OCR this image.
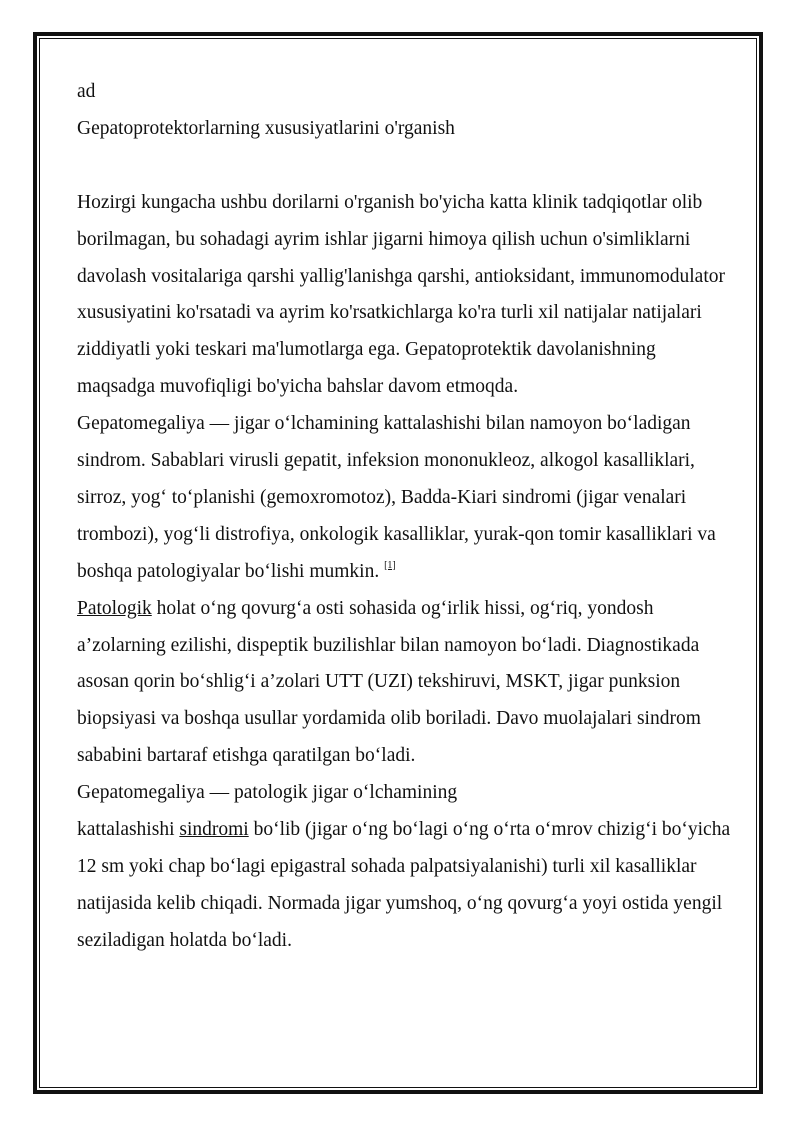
ad

Gepatoprotektorlarning xususiyatlarini o'rganish

Hozirgi kungacha ushbu dorilarni o'rganish bo'yicha katta klinik tadqiqotlar olib borilmagan, bu sohadagi ayrim ishlar jigarni himoya qilish uchun o'simliklarni davolash vositalariga qarshi yallig'lanishga qarshi, antioksidant, immunomodulator xususiyatini ko'rsatadi va ayrim ko'rsatkichlarga ko'ra turli xil natijalar natijalari ziddiyatli yoki teskari ma'lumotlarga ega. Gepatoprotektik davolanishning maqsadga muvofiqligi bo'yicha bahslar davom etmoqda.

Gepatomegaliya — jigar o‘lchamining kattalashishi bilan namoyon bo‘ladigan sindrom. Sabablari virusli gepatit, infeksion mononukleoz, alkogol kasalliklari, sirroz, yog‘ to‘planishi (gemoxromotoz), Badda-Kiari sindromi (jigar venalari trombozi), yog‘li distrofiya, onkologik kasalliklar, yurak-qon tomir kasalliklari va boshqa patologiyalar bo‘lishi mumkin. [1]

Patologik holat o‘ng qovurg‘a osti sohasida og‘irlik hissi, og‘riq, yondosh a’zolarning ezilishi, dispeptik buzilishlar bilan namoyon bo‘ladi. Diagnostikada asosan qorin bo‘shlig‘i a’zolari UTT (UZI) tekshiruvi, MSKT, jigar punksion biopsiyasi va boshqa usullar yordamida olib boriladi. Davo muolajalari sindrom sababini bartaraf etishga qaratilgan bo‘ladi.

Gepatomegaliya — patologik jigar o‘lchamining

kattalashishi sindromi bo‘lib (jigar o‘ng bo‘lagi o‘ng o‘rta o‘mrov chizig‘i bo‘yicha 12 sm yoki chap bo‘lagi epigastral sohada palpatsiyalanishi) turli xil kasalliklar natijasida kelib chiqadi. Normada jigar yumshoq, o‘ng qovurg‘a yoyi ostida yengil seziladigan holatda bo‘ladi.
